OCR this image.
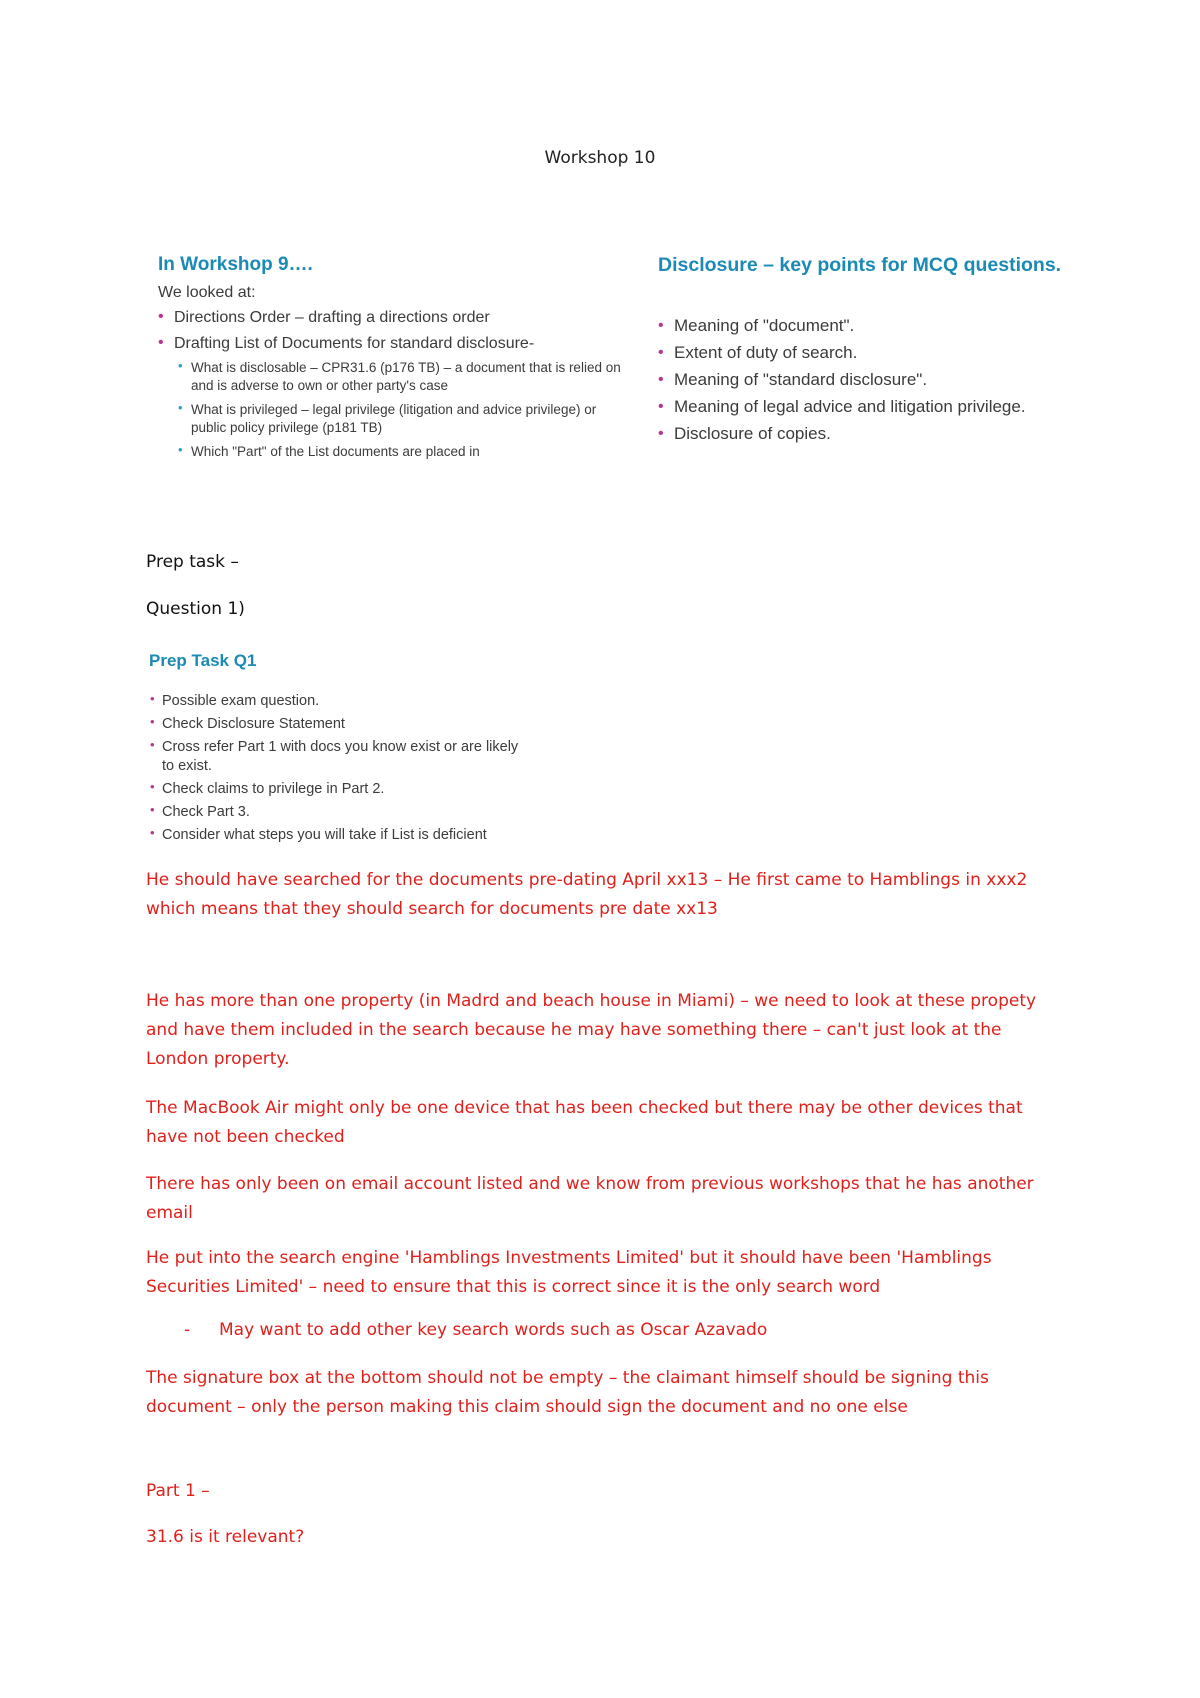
Workshop 10
In Workshop 9….
We looked at:
• Directions Order – drafting a directions order
• Drafting List of Documents for standard disclosure-
• What is disclosable – CPR31.6 (p176 TB) – a document that is relied on and is adverse to own or other party's case
• What is privileged – legal privilege (litigation and advice privilege) or public policy privilege (p181 TB)
• Which "Part" of the List documents are placed in
Disclosure – key points for MCQ questions.
• Meaning of "document".
• Extent of duty of search.
• Meaning of "standard disclosure".
• Meaning of legal advice and litigation privilege.
• Disclosure of copies.
Prep task –
Question 1)
Prep Task Q1
• Possible exam question.
• Check Disclosure Statement
• Cross refer Part 1 with docs you know exist or are likely to exist.
• Check claims to privilege in Part 2.
• Check Part 3.
• Consider what steps you will take if List is deficient

He should have searched for the documents pre-dating April xx13 – He first came to Hamblings in xxx2 which means that they should search for documents pre date xx13

He has more than one property (in Madrd and beach house in Miami) – we need to look at these propety and have them included in the search because he may have something there – can't just look at the London property.

The MacBook Air might only be one device that has been checked but there may be other devices that have not been checked

There has only been on email account listed and we know from previous workshops that he has another email

He put into the search engine 'Hamblings Investments Limited' but it should have been 'Hamblings Securities Limited' – need to ensure that this is correct since it is the only search word

- May want to add other key search words such as Oscar Azavado

The signature box at the bottom should not be empty – the claimant himself should be signing this document – only the person making this claim should sign the document and no one else

Part 1 –
31.6 is it relevant?
